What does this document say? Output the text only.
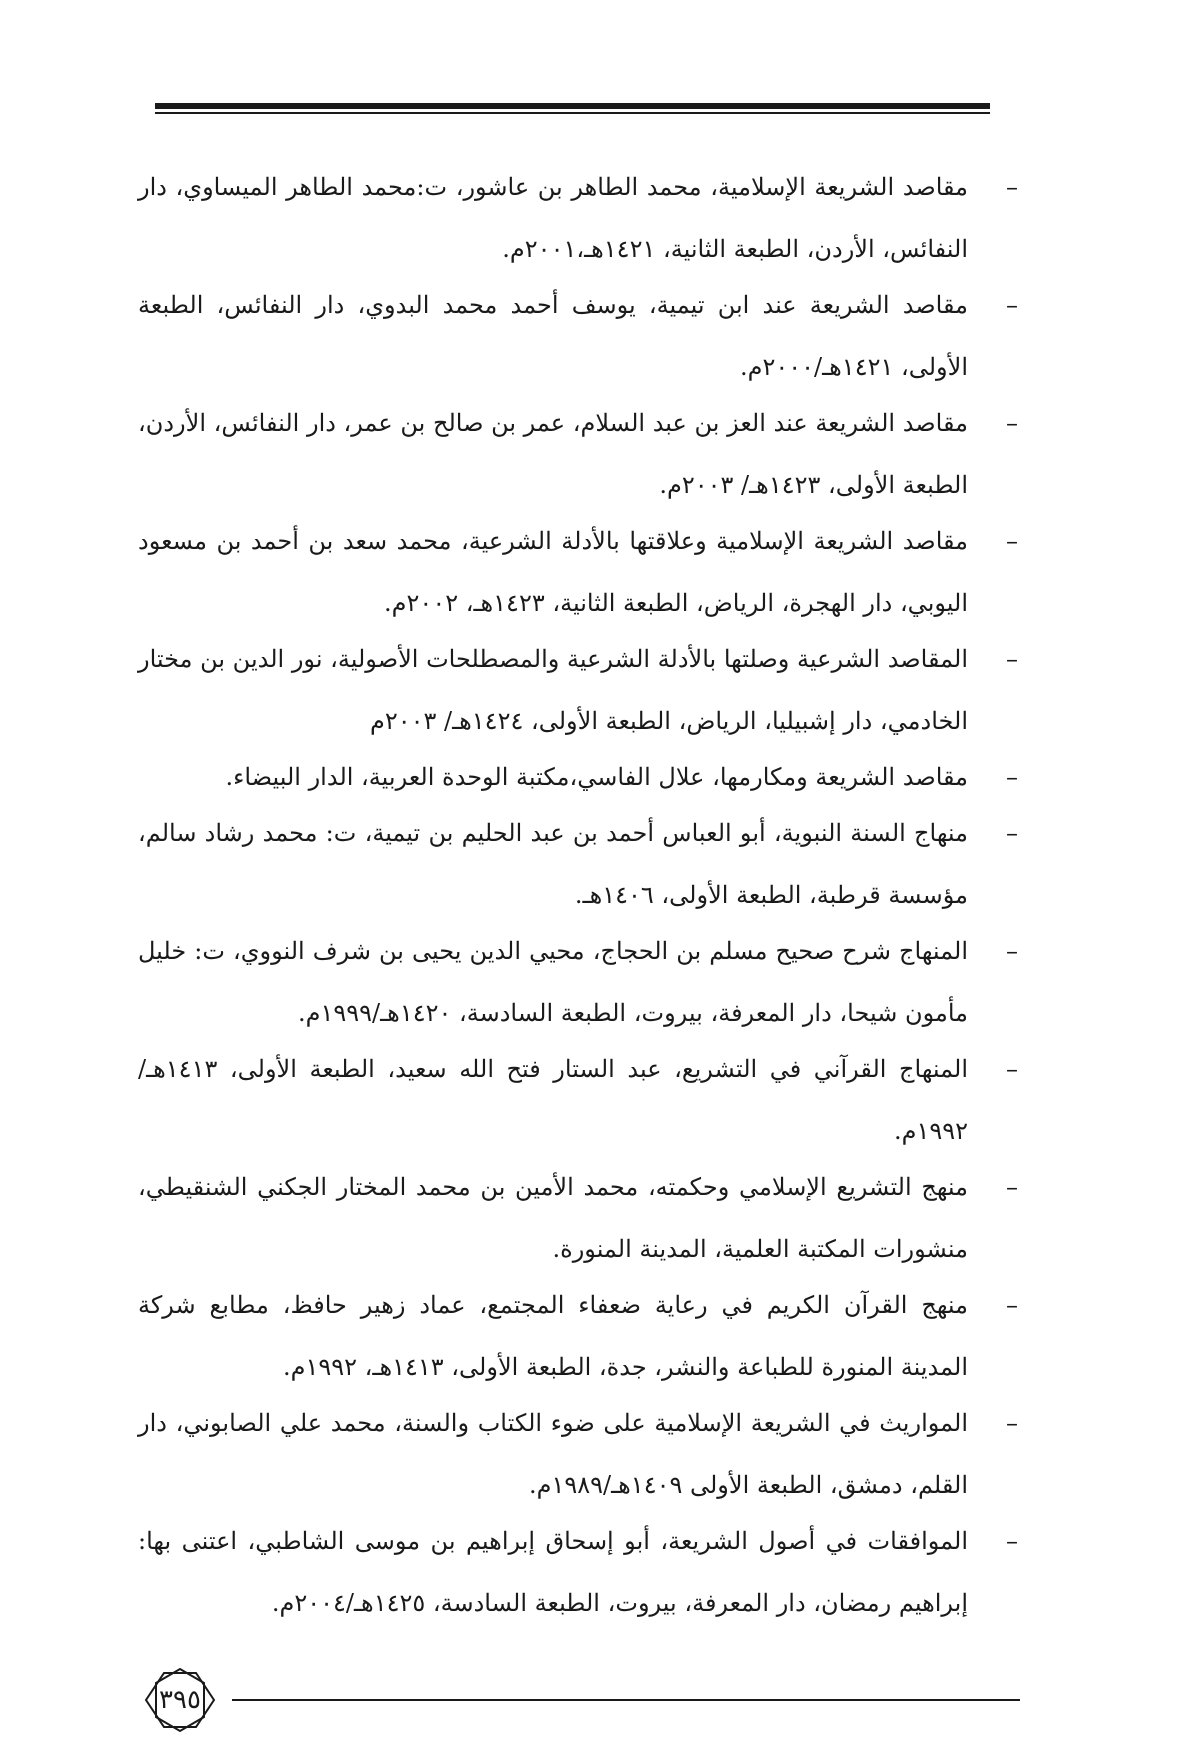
–
مقاصد الشريعة الإسلامية، محمد الطاهر بن عاشور، ت:محمد الطاهر الميساوي، دار النفائس، الأردن، الطبعة الثانية، ١٤٢١هـ،٢٠٠١م.
–
مقاصد الشريعة عند ابن تيمية، يوسف أحمد محمد البدوي، دار النفائس، الطبعة الأولى، ١٤٢١هـ/٢٠٠٠م.
–
مقاصد الشريعة عند العز بن عبد السلام، عمر بن صالح بن عمر، دار النفائس، الأردن، الطبعة الأولى، ١٤٢٣هـ/ ٢٠٠٣م.
–
مقاصد الشريعة الإسلامية وعلاقتها بالأدلة الشرعية، محمد سعد بن أحمد بن مسعود اليوبي، دار الهجرة، الرياض، الطبعة الثانية، ١٤٢٣هـ، ٢٠٠٢م.
–
المقاصد الشرعية وصلتها بالأدلة الشرعية والمصطلحات الأصولية، نور الدين بن مختار الخادمي، دار إشبيليا، الرياض، الطبعة الأولى، ١٤٢٤هـ/ ٢٠٠٣م
–
مقاصد الشريعة ومكارمها، علال الفاسي،مكتبة الوحدة العربية، الدار البيضاء.
–
منهاج السنة النبوية، أبو العباس أحمد بن عبد الحليم بن تيمية، ت: محمد رشاد سالم، مؤسسة قرطبة، الطبعة الأولى، ١٤٠٦هـ.
–
المنهاج شرح صحيح مسلم بن الحجاج، محيي الدين يحيى بن شرف النووي، ت: خليل مأمون شيحا، دار المعرفة، بيروت، الطبعة السادسة، ١٤٢٠هـ/١٩٩٩م.
–
المنهاج القرآني في التشريع، عبد الستار فتح الله سعيد، الطبعة الأولى، ١٤١٣هـ/ ١٩٩٢م.
–
منهج التشريع الإسلامي وحكمته، محمد الأمين بن محمد المختار الجكني الشنقيطي، منشورات المكتبة العلمية، المدينة المنورة.
–
منهج القرآن الكريم في رعاية ضعفاء المجتمع، عماد زهير حافظ، مطابع شركة المدينة المنورة للطباعة والنشر، جدة، الطبعة الأولى، ١٤١٣هـ، ١٩٩٢م.
–
المواريث في الشريعة الإسلامية على ضوء الكتاب والسنة، محمد علي الصابوني، دار القلم، دمشق، الطبعة الأولى ١٤٠٩هـ/١٩٨٩م.
–
الموافقات في أصول الشريعة، أبو إسحاق إبراهيم بن موسى الشاطبي، اعتنى بها: إبراهيم رمضان، دار المعرفة، بيروت، الطبعة السادسة، ١٤٢٥هـ/٢٠٠٤م.
٣٩٥
